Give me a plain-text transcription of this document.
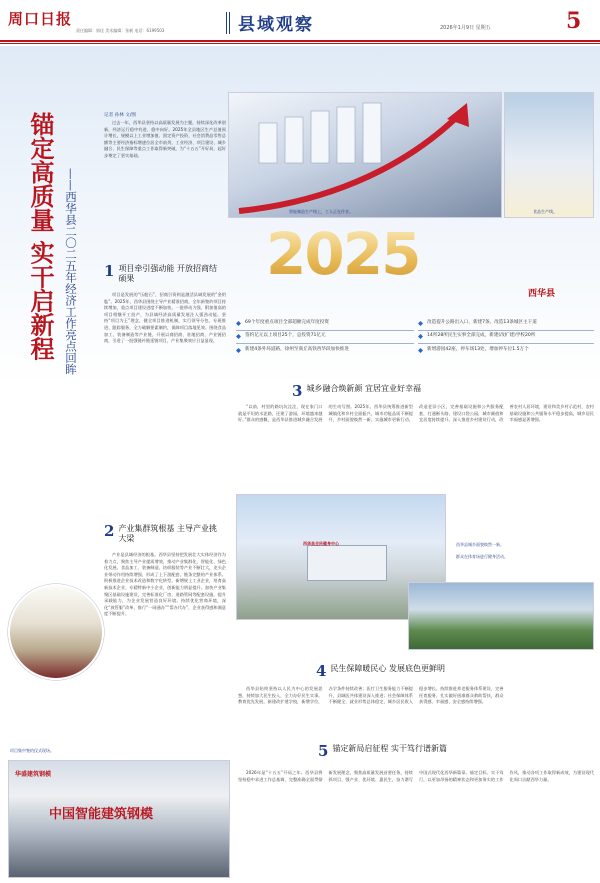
周口日报
责任编辑：郭佳 美术编辑：张帆 电话：6199503	县域观察	2026年1月9日 星期五	5
锚定高质量 实干启新程 ——西华县二〇二五年经济工作亮点回眸
记者 孙林 文/图

过去一年，西华县坚持以高质量发展为主题，持续深化改革创新，经济运行稳中有进、稳中向好。2025年全县地区生产总值预计增长，规模以上工业增加值、固定资产投资、社会消费品零售总额等主要经济指标增速位居全市前列，工业经济、项目建设、城乡融合、民生保障等重点工作取得新突破，为“十五五”开好局、起好步奠定了坚实基础。

智能制造生产线上，工人正在作业。	食品生产线。
2025
西华县
1 项目牵引强动能 开放招商结硕果

项目是发展的“压舱石”，招商引资则是激活县域发展的“金钥匙”。2025年，西华县围绕主导产业精准招商，全年新签约项目持续增加，重点项目建设进度不断加快。一批带动力强、附加值高的项目相继开工投产，为县域经济高质量发展注入强劲动能。坚持“项目为王”理念，健全项目推进机制，实行领导分包、专班推进、跟踪服务，全力破解要素制约，保障项目落地见效。围绕食品加工、装备制造等产业链，开展以商招商、驻地招商、产业链招商，引进了一批强链补链延链项目，产业集聚效应日益显现。

69个年度重点项目全部超额完成年度投资
签约亿元以上项目25个，总投资71亿元
新建4条外环道路，徐州至商丘高铁西华段加快推进
改造提升公路出入口，新建7条、改造13条城区主干道
14所28所民生实事全部完成，新建(改扩建)学校20所
新增游园42座，停车场13处，增加停车位1.5万个
3 城乡融合焕新颜 宜居宜业好幸福

“以前，村里的路坑坑洼洼，现在家门口就是平坦的水泥路，还建了游园，环境越来越好。”群众的感慨，是西华县推进城乡融合发展的生动写照。2025年，西华县统筹推进新型城镇化和乡村全面振兴，城市功能品质不断提升，乡村面貌焕然一新。实施城市更新行动，改造老旧小区，完善基础设施和公共服务配套，打通断头路，建设口袋公园，城市颜值和宜居度持续提升。深入推进乡村建设行动，改善农村人居环境，建设和美乡村示范村，农村基础设施和公共服务水平稳步提高，城乡居民幸福感显著增强。

2 产业集群筑根基 主导产业挑大梁

产业是县域经济的根基。西华县坚持把发展壮大实体经济作为着力点，聚焦主导产业提质增效，推动产业集群化、智能化、绿色化发展。食品加工、装备制造、纺织服装等产业不断壮大，龙头企业带动作用持续增强，形成了上下游配套、链条完整的产业体系。积极推进企业技术改造和数字化转型，新增规上工业企业，培育高新技术企业、专精特新中小企业，创新能力明显提升。加快产业集聚区基础设施建设，完善标准化厂房、道路管网等配套设施，提升承载能力，为企业发展营造良好环境。持续优化营商环境，深化“放管服”改革，推行“一网通办”“帮办代办”，企业获得感和满意度不断提升。

西华县全民健身中心	西华县城乡面貌焕然一新。
群众在体育场进行健身活动。
4 民生保障暖民心 发展底色更鲜明

西华县始终坚持以人民为中心的发展思想，持续加大民生投入，全力办好民生实事。教育优先发展，新建改扩建学校，新增学位，办学条件持续改善；医疗卫生服务能力不断提升，县域医共体建设深入推进；社会保障体系不断健全，就业形势总体稳定，城乡居民收入稳步增长。持续推进养老服务体系建设，完善托育服务，扎实做好困难群众救助帮扶，群众获得感、幸福感、安全感持续增强。

华盛建筑钢模
中国智能建筑钢模
5 锚定新局启征程 实干笃行谱新篇

2026年是“十五五”开局之年。西华县将坚持稳中求进工作总基调，完整准确全面贯彻新发展理念，聚焦高质量发展首要任务，持续抓项目、强产业、优环境、惠民生，奋力谱写中国式现代化西华新篇章。锚定目标、实干笃行，以更加昂扬的精神状态和更加务实的工作作风，推动各项工作取得新成效，为建设现代化周口贡献西华力量。

项目集中签约仪式现场。
